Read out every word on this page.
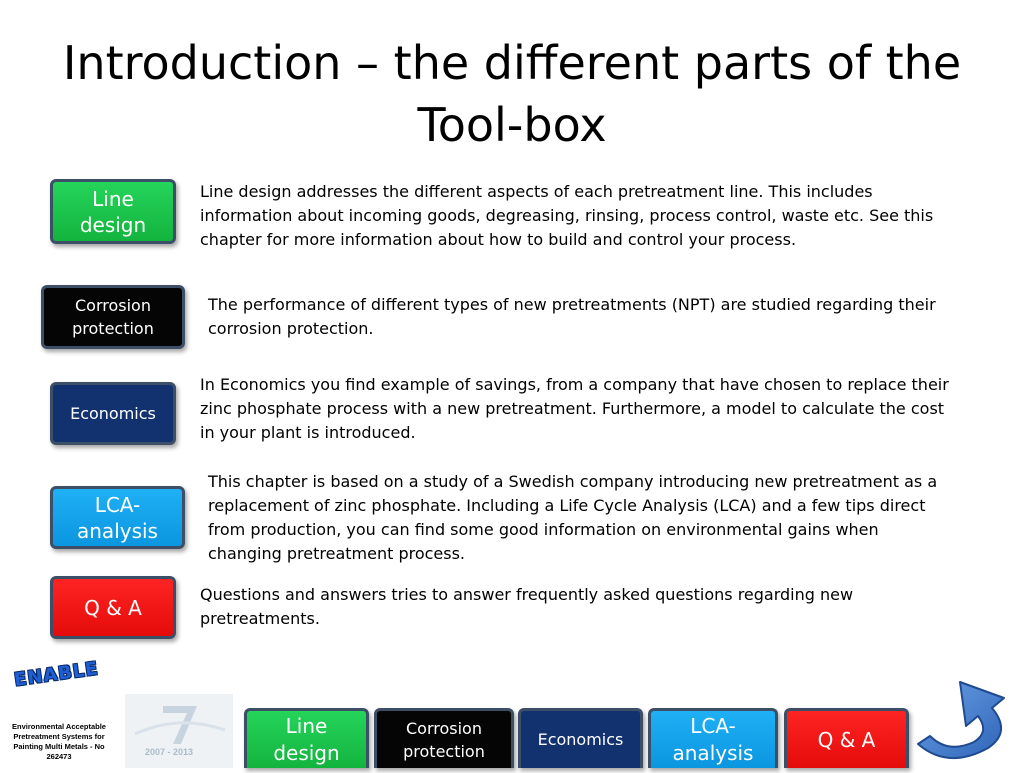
Introduction – the different parts of the Tool-box
Line design
Corrosion protection
Economics
LCA-analysis
Q & A
Line design addresses the different aspects of each pretreatment line. This includes information about incoming goods, degreasing, rinsing, process control, waste etc. See this chapter for more information about how to build and control your process.
The performance of different types of new pretreatments (NPT) are studied regarding their corrosion protection.
In Economics you find example of savings, from a company that have chosen to replace their zinc phosphate process with a new pretreatment. Furthermore, a model to calculate the cost in your plant is introduced.
This chapter is based on a study of a Swedish company introducing new pretreatment as a replacement of zinc phosphate. Including a Life Cycle Analysis (LCA) and a few tips direct from production, you can find some good information on environmental gains when changing pretreatment process.
Questions and answers tries to answer frequently asked questions regarding new pretreatments.
ENABLE
Environmental Acceptable Pretreatment Systems for Painting Multi Metals - No 262473	2007 - 2013
Line design
Corrosion protection
Economics
LCA-analysis
Q & A
